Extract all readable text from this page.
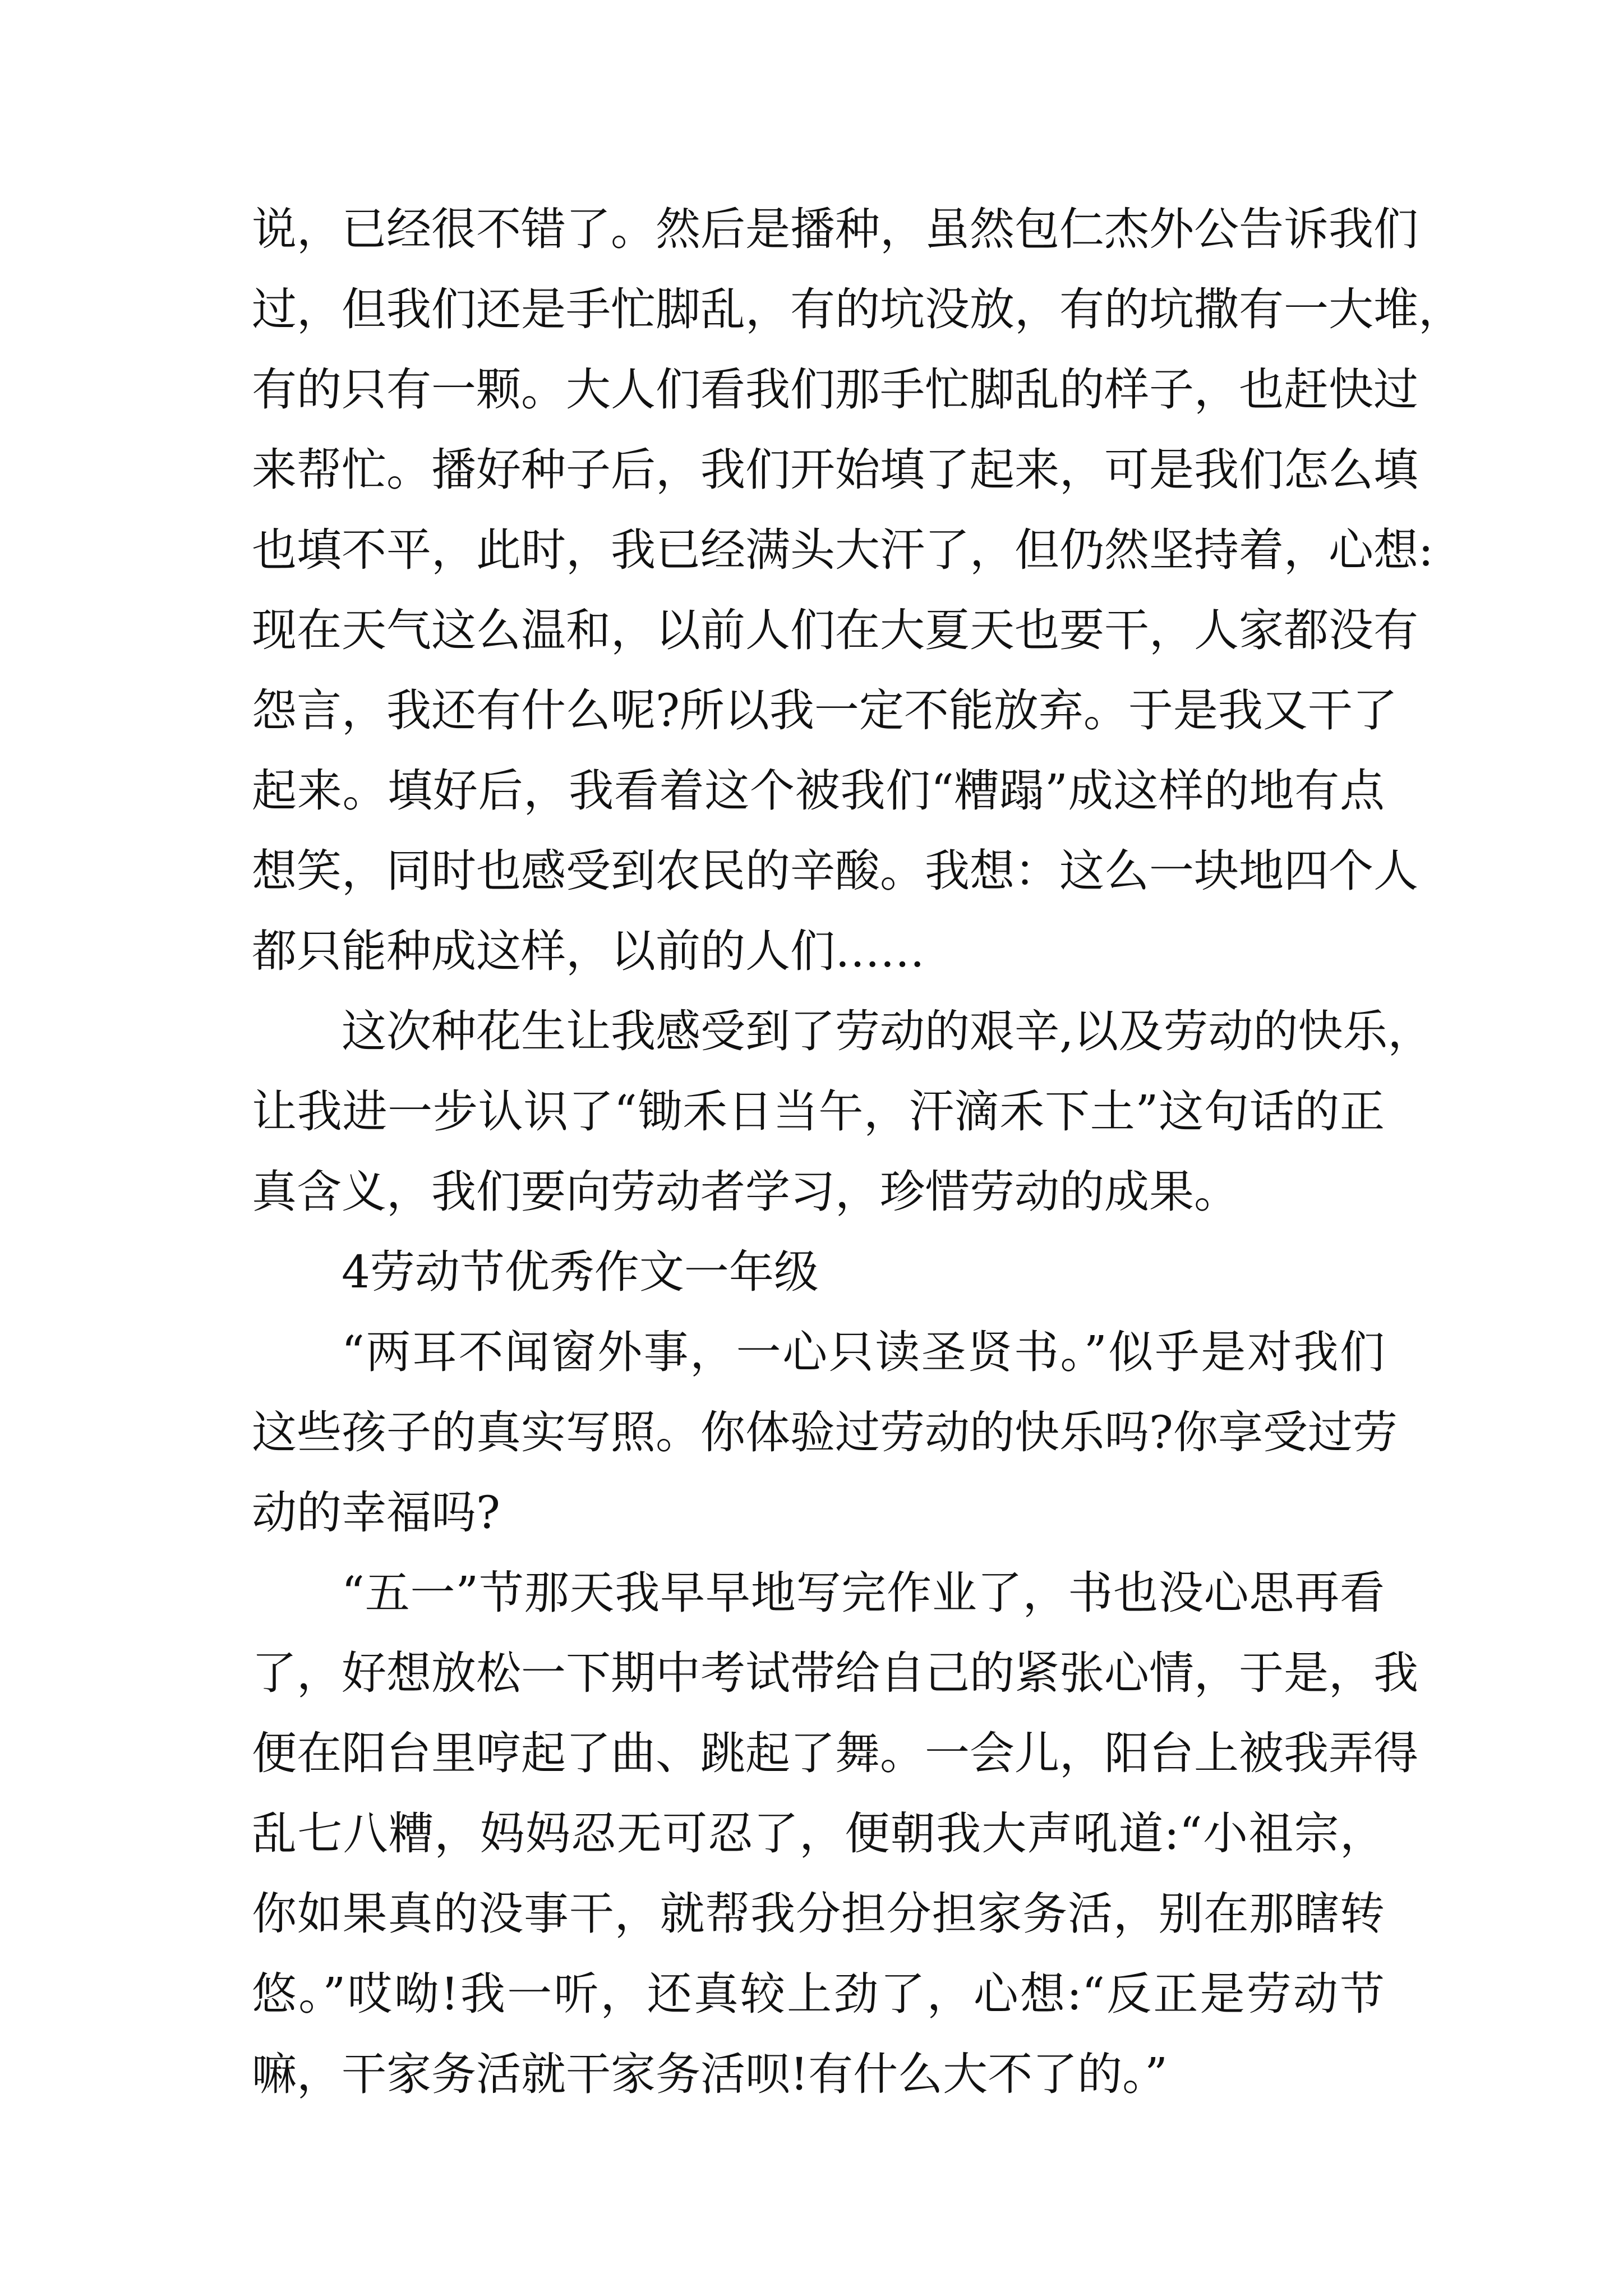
说，已经很不错了。然后是播种，虽然包仁杰外公告诉我们
过，但我们还是手忙脚乱，有的坑没放，有的坑撒有一大堆，
有的只有一颗。大人们看我们那手忙脚乱的样子，也赶快过
来帮忙。播好种子后，我们开始填了起来，可是我们怎么填
也填不平，此时，我已经满头大汗了，但仍然坚持着，心想:
现在天气这么温和，以前人们在大夏天也要干，人家都没有
怨言，我还有什么呢?所以我一定不能放弃。于是我又干了
起来。填好后，我看着这个被我们“糟蹋”成这样的地有点
想笑，同时也感受到农民的辛酸。我想：这么一块地四个人
都只能种成这样，以前的人们……
这次种花生让我感受到了劳动的艰辛,以及劳动的快乐，
让我进一步认识了“锄禾日当午，汗滴禾下土”这句话的正
真含义，我们要向劳动者学习，珍惜劳动的成果。
4劳动节优秀作文一年级
“两耳不闻窗外事，一心只读圣贤书。”似乎是对我们
这些孩子的真实写照。你体验过劳动的快乐吗?你享受过劳
动的幸福吗?
“五一”节那天我早早地写完作业了，书也没心思再看
了，好想放松一下期中考试带给自己的紧张心情，于是，我
便在阳台里哼起了曲、跳起了舞。一会儿，阳台上被我弄得
乱七八糟，妈妈忍无可忍了，便朝我大声吼道:“小祖宗，
你如果真的没事干，就帮我分担分担家务活，别在那瞎转
悠。”哎呦!我一听，还真较上劲了，心想:“反正是劳动节
嘛，干家务活就干家务活呗!有什么大不了的。”
